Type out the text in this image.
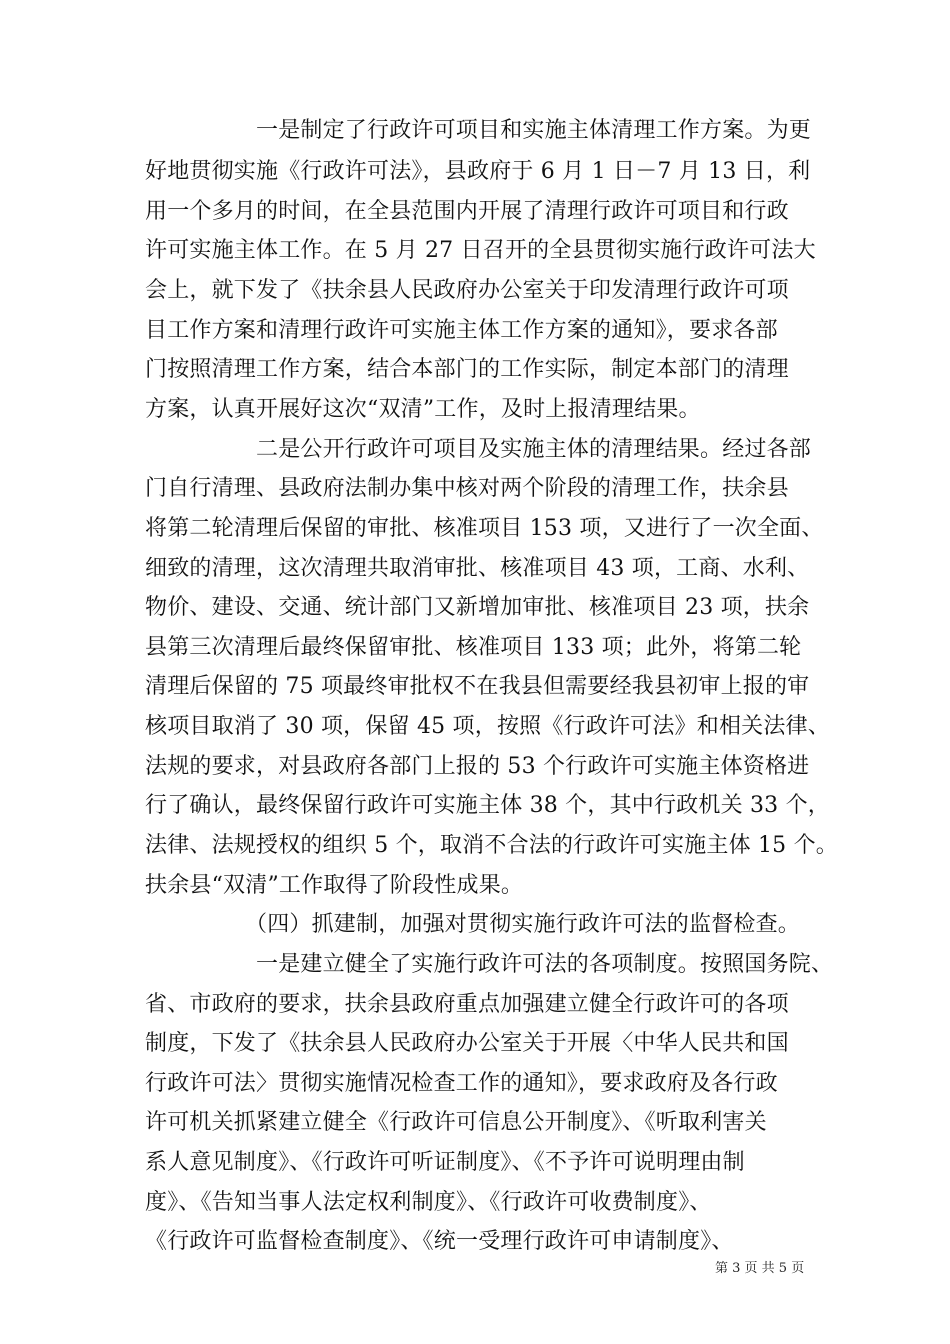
　　　　　一是制定了行政许可项目和实施主体清理工作方案。为更
好地贯彻实施《行政许可法》，县政府于 6 月 1 日－7 月 13 日，利
用一个多月的时间，在全县范围内开展了清理行政许可项目和行政
许可实施主体工作。在 5 月 27 日召开的全县贯彻实施行政许可法大
会上，就下发了《扶余县人民政府办公室关于印发清理行政许可项
目工作方案和清理行政许可实施主体工作方案的通知》，要求各部
门按照清理工作方案，结合本部门的工作实际，制定本部门的清理
方案，认真开展好这次“双清”工作，及时上报清理结果。
　　　　　二是公开行政许可项目及实施主体的清理结果。经过各部
门自行清理、县政府法制办集中核对两个阶段的清理工作，扶余县
将第二轮清理后保留的审批、核准项目 153 项，又进行了一次全面、
细致的清理，这次清理共取消审批、核准项目 43 项，工商、水利、
物价、建设、交通、统计部门又新增加审批、核准项目 23 项，扶余
县第三次清理后最终保留审批、核准项目 133 项；此外，将第二轮
清理后保留的 75 项最终审批权不在我县但需要经我县初审上报的审
核项目取消了 30 项，保留 45 项，按照《行政许可法》和相关法律、
法规的要求，对县政府各部门上报的 53 个行政许可实施主体资格进
行了确认，最终保留行政许可实施主体 38 个，其中行政机关 33 个，
法律、法规授权的组织 5 个，取消不合法的行政许可实施主体 15 个。
扶余县“双清”工作取得了阶段性成果。
　　　　　（四）抓建制，加强对贯彻实施行政许可法的监督检查。
　　　　　一是建立健全了实施行政许可法的各项制度。按照国务院、
省、市政府的要求，扶余县政府重点加强建立健全行政许可的各项
制度，下发了《扶余县人民政府办公室关于开展〈中华人民共和国
行政许可法〉贯彻实施情况检查工作的通知》，要求政府及各行政
许可机关抓紧建立健全《行政许可信息公开制度》、《听取利害关
系人意见制度》、《行政许可听证制度》、《不予许可说明理由制
度》、《告知当事人法定权利制度》、《行政许可收费制度》、
《行政许可监督检查制度》、《统一受理行政许可申请制度》、
第 3 页 共 5 页
